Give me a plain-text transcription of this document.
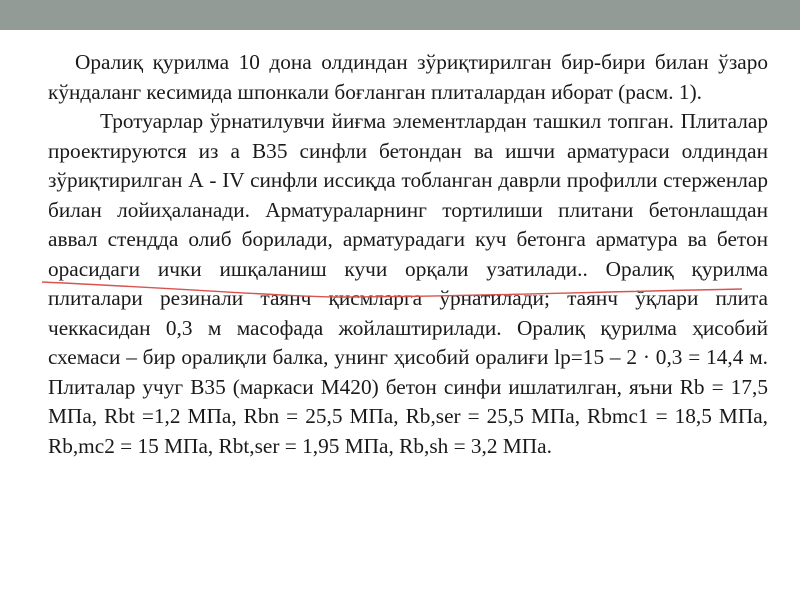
Оралиқ қурилма 10 дона олдиндан зўриқтирилган бир-бири билан ўзаро кўндаланг кесимида шпонкали боғланган плиталардан иборат (расм. 1).

Тротуарлар ўрнатилувчи йиғма элементлардан ташкил топган. Плиталар проектируются из а В35 синфли бетондан ва ишчи арматураси олдиндан зўриқтирилган А - IV синфли иссиқда тобланган даврли профилли стерженлар билан лойиҳаланади. Арматураларнинг тортилиши плитани бетонлашдан аввал стендда олиб борилади, арматурадаги куч бетонга арматура ва бетон орасидаги ички ишқаланиш кучи орқали узатилади.. Оралиқ қурилма плиталари резинали таянч қисмларга ўрнатилади; таянч ўқлари плита чеккасидан 0,3 м масофада жойлаштирилади. Оралиқ қурилма ҳисобий схемаси – бир оралиқли балка, унинг ҳисобий оралиғи lр=15 – 2 · 0,3 = 14,4 м. Плиталар учуг В35 (маркаси М420) бетон синфи ишлатилган, яъни Rb = 17,5 МПа, Rbt =1,2 МПа, Rbn = 25,5 МПа, Rb,ser = 25,5 МПа, Rbmc1 = 18,5 МПа, Rb,mc2 = 15 МПа, Rbt,ser = 1,95 МПа, Rb,sh = 3,2 МПа.
